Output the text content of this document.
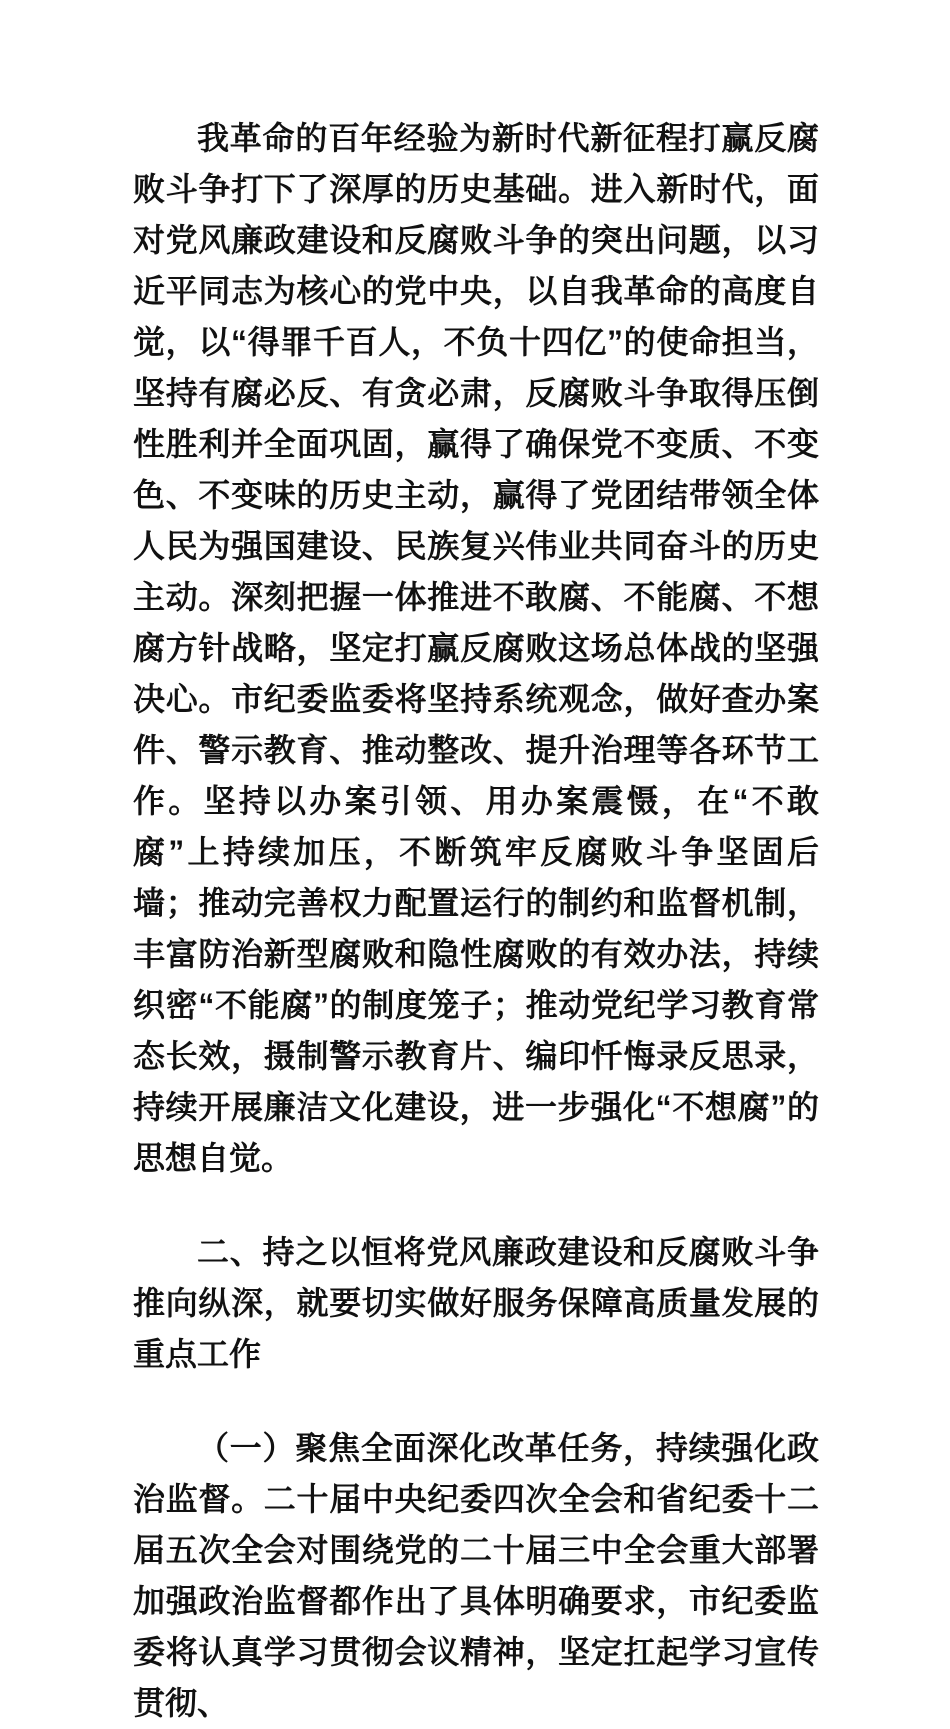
我革命的百年经验为新时代新征程打赢反腐败斗争打下了深厚的历史基础。进入新时代，面对党风廉政建设和反腐败斗争的突出问题，以习近平同志为核心的党中央，以自我革命的高度自觉，以“得罪千百人，不负十四亿”的使命担当，坚持有腐必反、有贪必肃，反腐败斗争取得压倒性胜利并全面巩固，赢得了确保党不变质、不变色、不变味的历史主动，赢得了党团结带领全体人民为强国建设、民族复兴伟业共同奋斗的历史主动。深刻把握一体推进不敢腐、不能腐、不想腐方针战略，坚定打赢反腐败这场总体战的坚强决心。市纪委监委将坚持系统观念，做好查办案件、警示教育、推动整改、提升治理等各环节工作。坚持以办案引领、用办案震慑，在“不敢腐”上持续加压，不断筑牢反腐败斗争坚固后墙；推动完善权力配置运行的制约和监督机制，丰富防治新型腐败和隐性腐败的有效办法，持续织密“不能腐”的制度笼子；推动党纪学习教育常态长效，摄制警示教育片、编印忏悔录反思录，持续开展廉洁文化建设，进一步强化“不想腐”的思想自觉。

二、持之以恒将党风廉政建设和反腐败斗争推向纵深，就要切实做好服务保障高质量发展的重点工作

（一）聚焦全面深化改革任务，持续强化政治监督。二十届中央纪委四次全会和省纪委十二届五次全会对围绕党的二十届三中全会重大部署加强政治监督都作出了具体明确要求，市纪委监委将认真学习贯彻会议精神，坚定扛起学习宣传贯彻、
